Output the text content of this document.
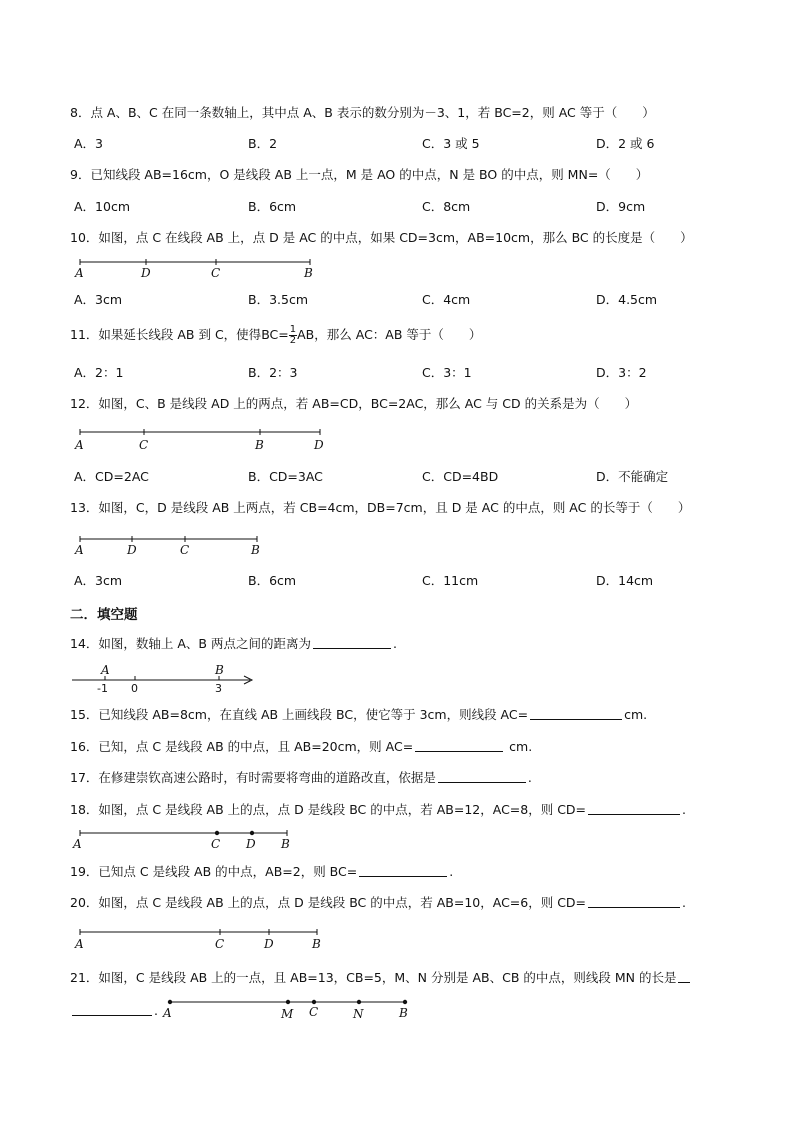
8．点 A、B、C 在同一条数轴上，其中点 A、B 表示的数分别为－3、1，若 BC=2，则 AC 等于（　　）
A．3	B．2	C．3 或 5	D．2 或 6
9．已知线段 AB=16cm，O 是线段 AB 上一点，M 是 AO 的中点，N 是 BO 的中点，则 MN=（　　）
A．10cm	B．6cm	C．8cm	D．9cm
10．如图，点 C 在线段 AB 上，点 D 是 AC 的中点，如果 CD=3cm，AB=10cm，那么 BC 的长度是（　　）
A	D	C	B
A．3cm	B．3.5cm	C．4cm	D．4.5cm
11．如果延长线段 AB 到 C，使得$BC= \frac{1}{2}$ AB，那么 AC：AB 等于（　　）
A．2：1	B．2：3	C．3：1	D．3：2
12．如图，C、B 是线段 AD 上的两点，若 AB=CD，BC=2AC，那么 AC 与 CD 的关系是为（　　）
A	C	B	D
A．CD=2AC	B．CD=3AC	C．CD=4BD	D．不能确定
13．如图，C，D 是线段 AB 上两点，若 CB=4cm，DB=7cm，且 D 是 AC 的中点，则 AC 的长等于（　　）
A	D	C	B
A．3cm	B．6cm	C．11cm	D．14cm
二．填空题
14．如图，数轴上 A、B 两点之间的距离为	.
A	B
-1 0	3
15．已知线段 AB=8cm，在直线 AB 上画线段 BC，使它等于 3cm，则线段 AC=	cm.
16．已知，点 C 是线段 AB 的中点，且 AB=20cm，则 AC=	cm.
17．在修建崇钦高速公路时，有时需要将弯曲的道路改直，依据是	.
18．如图，点 C 是线段 AB 上的点，点 D 是线段 BC 的中点，若 AB=12，AC=8，则 CD=	.
A	C D B
19．已知点 C 是线段 AB 的中点，AB=2，则 BC=	.
20．如图，点 C 是线段 AB 上的点，点 D 是线段 BC 的中点，若 AB=10，AC=6，则 CD=	.
A	C	D	B
21．如图，C 是线段 AB 上的一点，且 AB=13，CB=5，M、N 分别是 AB、CB 的中点，则线段 MN 的长是
. A	M C	N	B
